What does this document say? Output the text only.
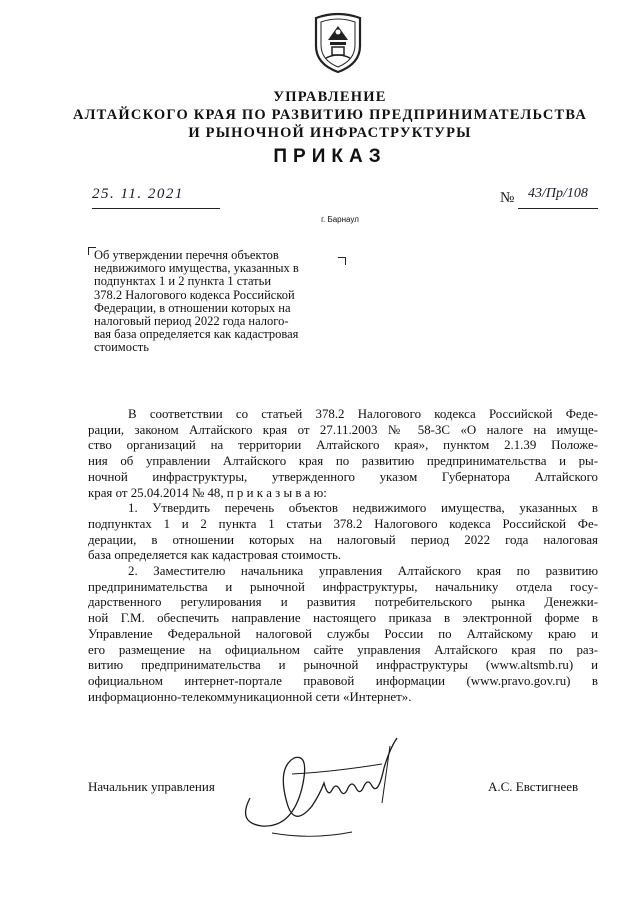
УПРАВЛЕНИЕ
АЛТАЙСКОГО КРАЯ ПО РАЗВИТИЮ ПРЕДПРИНИМАТЕЛЬСТВА
И РЫНОЧНОЙ ИНФРАСТРУКТУРЫ
ПРИКАЗ
25. 11. 2021	№ 43/Пр/108
г. Барнаул
Об утверждении перечня объектов
недвижимого имущества, указанных в
подпунктах 1 и 2 пункта 1 статьи
378.2 Налогового кодекса Российской
Федерации, в отношении которых на
налоговый период 2022 года налого-
вая база определяется как кадастровая
стоимость
В соответствии со статьей 378.2 Налогового кодекса Российской Феде-
рации, законом Алтайского края от 27.11.2003 № 58-ЗС «О налоге на имуще-
ство организаций на территории Алтайского края», пунктом 2.1.39 Положе-
ния об управлении Алтайского края по развитию предпринимательства и ры-
ночной инфраструктуры, утвержденного указом Губернатора Алтайского
края от 25.04.2014 № 48, п р и к а з ы в а ю:
1. Утвердить перечень объектов недвижимого имущества, указанных в
подпунктах 1 и 2 пункта 1 статьи 378.2 Налогового кодекса Российской Фе-
дерации, в отношении которых на налоговый период 2022 года налоговая
база определяется как кадастровая стоимость.
2. Заместителю начальника управления Алтайского края по развитию
предпринимательства и рыночной инфраструктуры, начальнику отдела госу-
дарственного регулирования и развития потребительского рынка Денежки-
ной Г.М. обеспечить направление настоящего приказа в электронной форме в
Управление Федеральной налоговой службы России по Алтайскому краю и
его размещение на официальном сайте управления Алтайского края по раз-
витию предпринимательства и рыночной инфраструктуры (www.altsmb.ru) и
официальном интернет-портале правовой информации (www.pravo.gov.ru) в
информационно-телекоммуникационной сети «Интернет».
Начальник управления	А.С. Евстигнеев
